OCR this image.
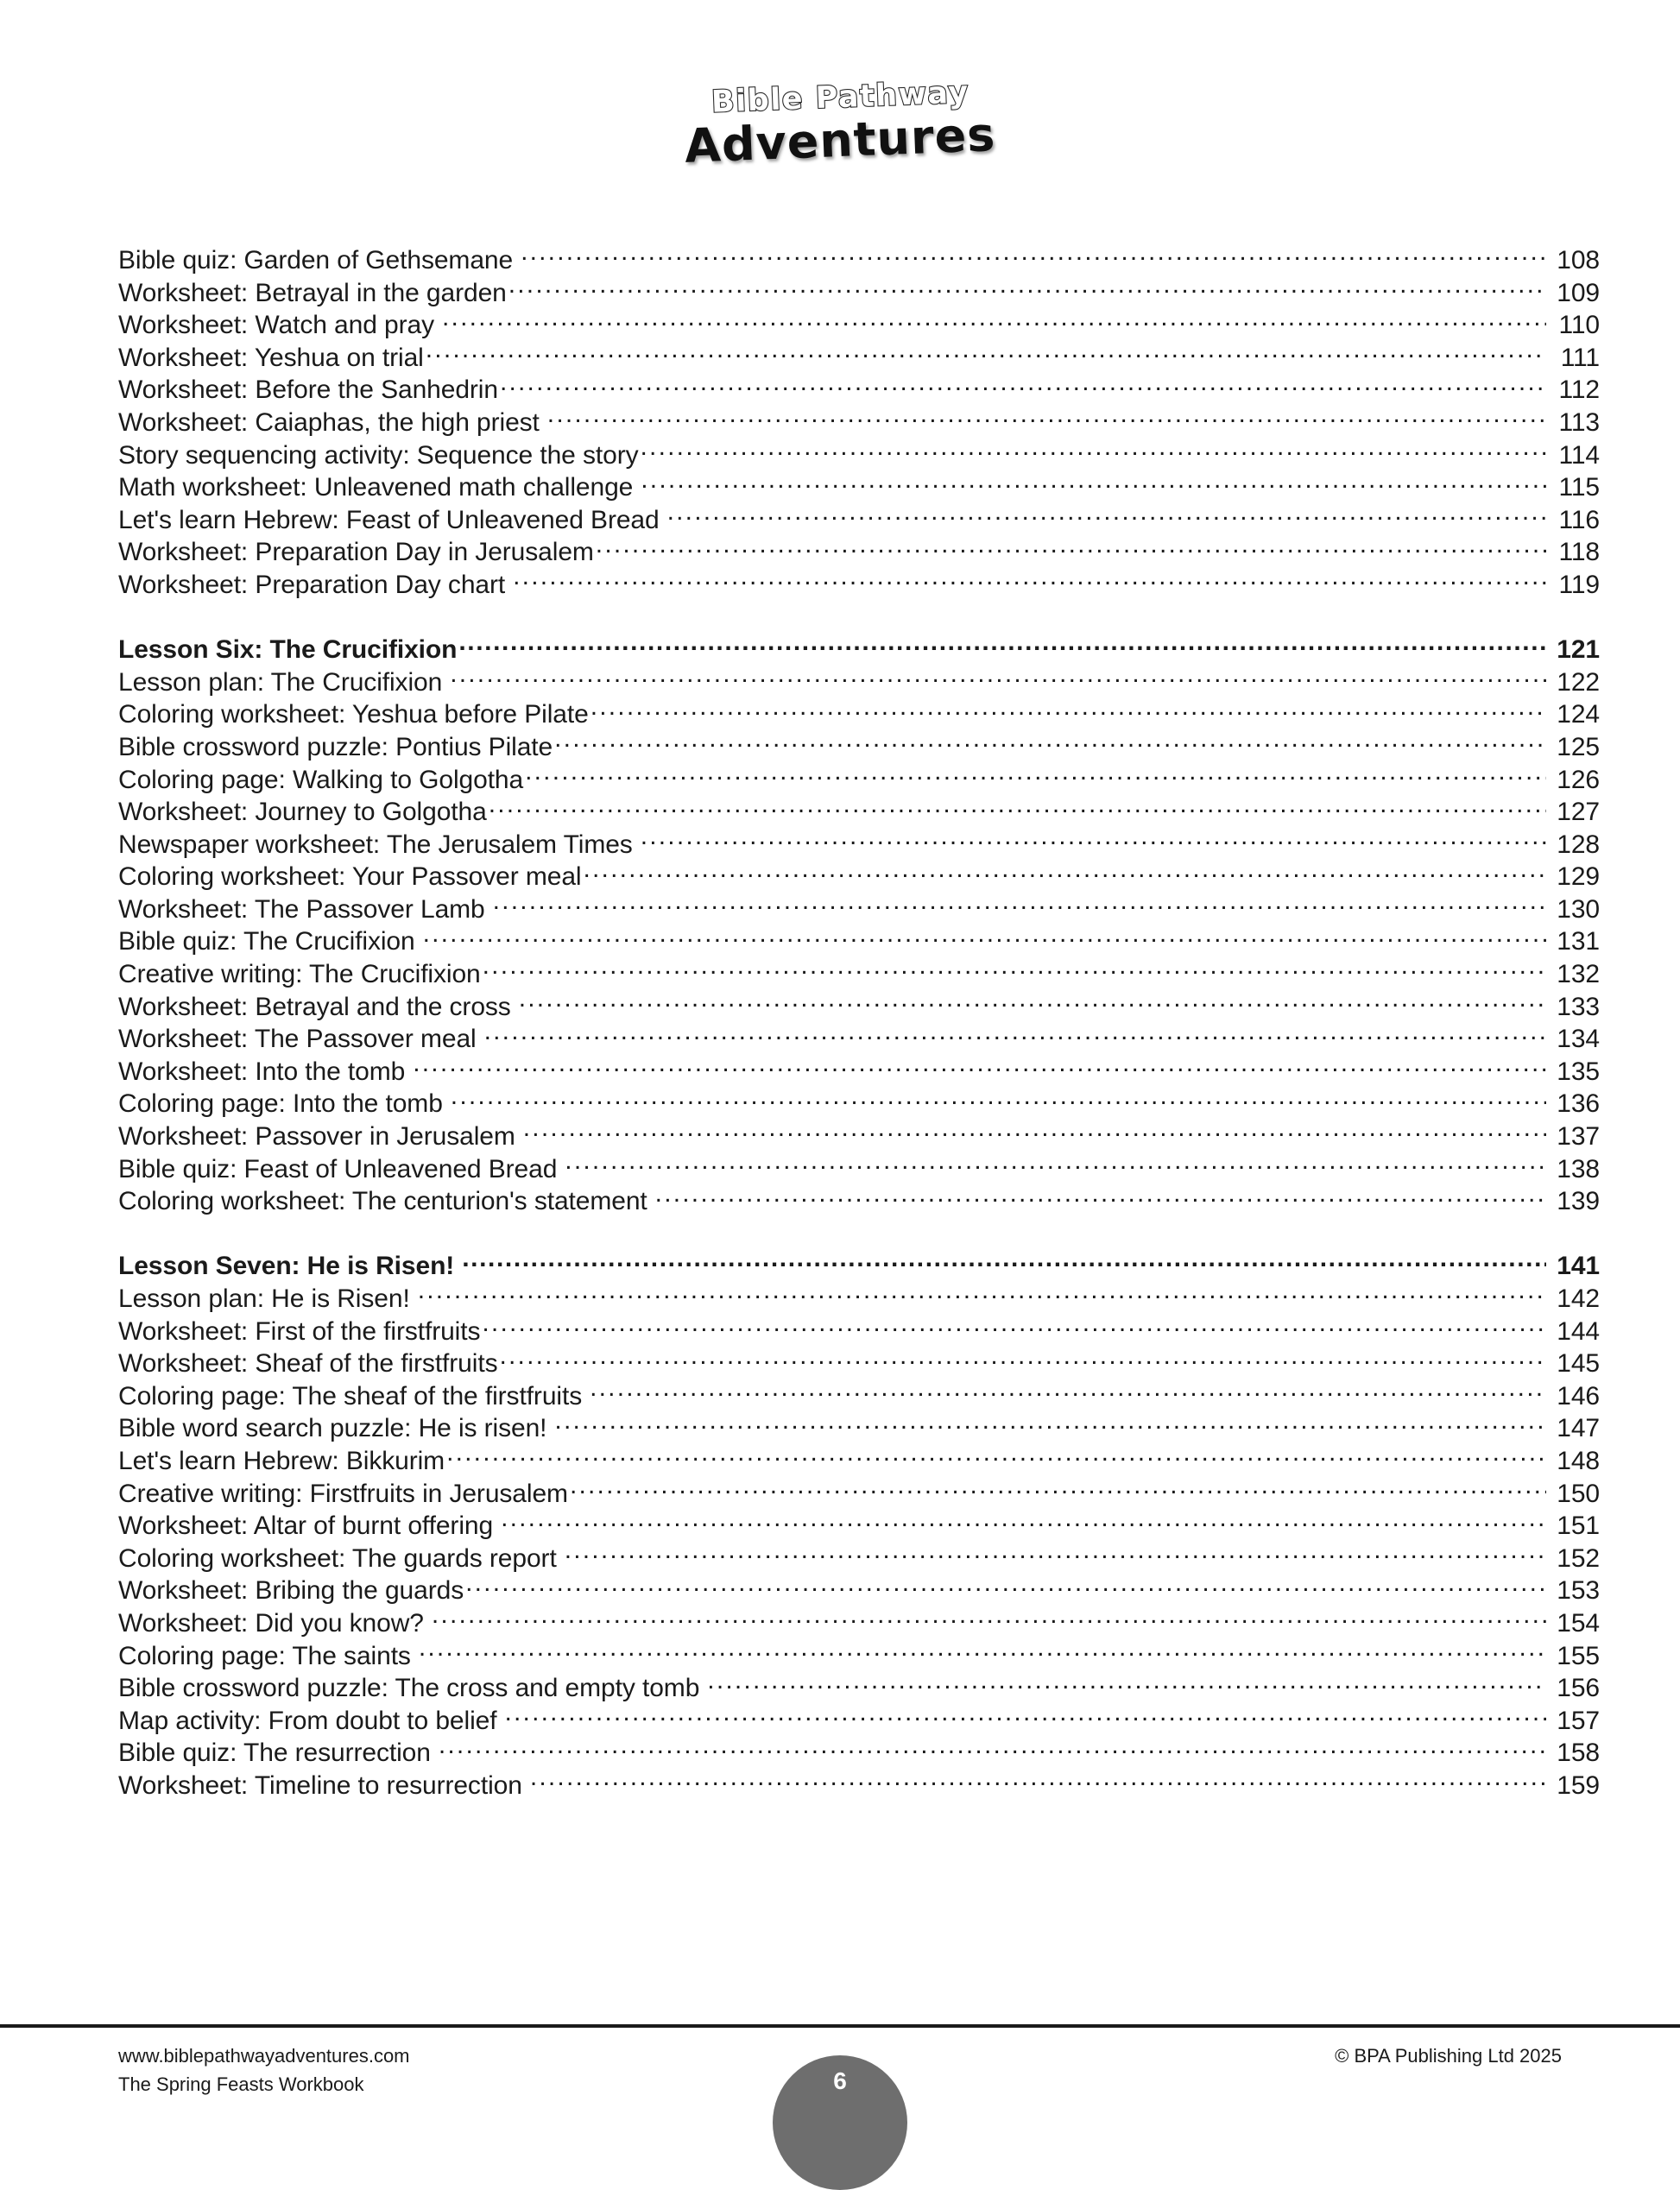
Bible Pathway
Adventures
Bible quiz: Garden of Gethsemane .....	108
Worksheet: Betrayal in the garden .....	109
Worksheet: Watch and pray .....	110
Worksheet: Yeshua on trial .....	111
Worksheet: Before the Sanhedrin .....	112
Worksheet: Caiaphas, the high priest .....	113
Story sequencing activity: Sequence the story .....	114
Math worksheet: Unleavened math challenge .....	115
Let's learn Hebrew: Feast of Unleavened Bread .....	116
Worksheet: Preparation Day in Jerusalem .....	118
Worksheet: Preparation Day chart .....	119
Lesson Six: The Crucifixion .....	121
Lesson plan: The Crucifixion .....	122
Coloring worksheet: Yeshua before Pilate .....	124
Bible crossword puzzle: Pontius Pilate .....	125
Coloring page: Walking to Golgotha .....	126
Worksheet: Journey to Golgotha .....	127
Newspaper worksheet: The Jerusalem Times .....	128
Coloring worksheet: Your Passover meal .....	129
Worksheet: The Passover Lamb .....	130
Bible quiz: The Crucifixion .....	131
Creative writing: The Crucifixion .....	132
Worksheet: Betrayal and the cross .....	133
Worksheet: The Passover meal .....	134
Worksheet: Into the tomb .....	135
Coloring page: Into the tomb .....	136
Worksheet: Passover in Jerusalem .....	137
Bible quiz: Feast of Unleavened Bread .....	138
Coloring worksheet: The centurion's statement .....	139
Lesson Seven: He is Risen! .....	141
Lesson plan: He is Risen! .....	142
Worksheet: First of the firstfruits .....	144
Worksheet: Sheaf of the firstfruits .....	145
Coloring page: The sheaf of the firstfruits .....	146
Bible word search puzzle: He is risen! .....	147
Let's learn Hebrew: Bikkurim .....	148
Creative writing: Firstfruits in Jerusalem .....	150
Worksheet: Altar of burnt offering .....	151
Coloring worksheet: The guards report .....	152
Worksheet: Bribing the guards .....	153
Worksheet: Did you know? .....	154
Coloring page: The saints .....	155
Bible crossword puzzle: The cross and empty tomb .....	156
Map activity: From doubt to belief .....	157
Bible quiz: The resurrection .....	158
Worksheet: Timeline to resurrection .....	159
www.biblepathwayadventures.com
The Spring Feasts Workbook
© BPA Publishing Ltd 2025
6
